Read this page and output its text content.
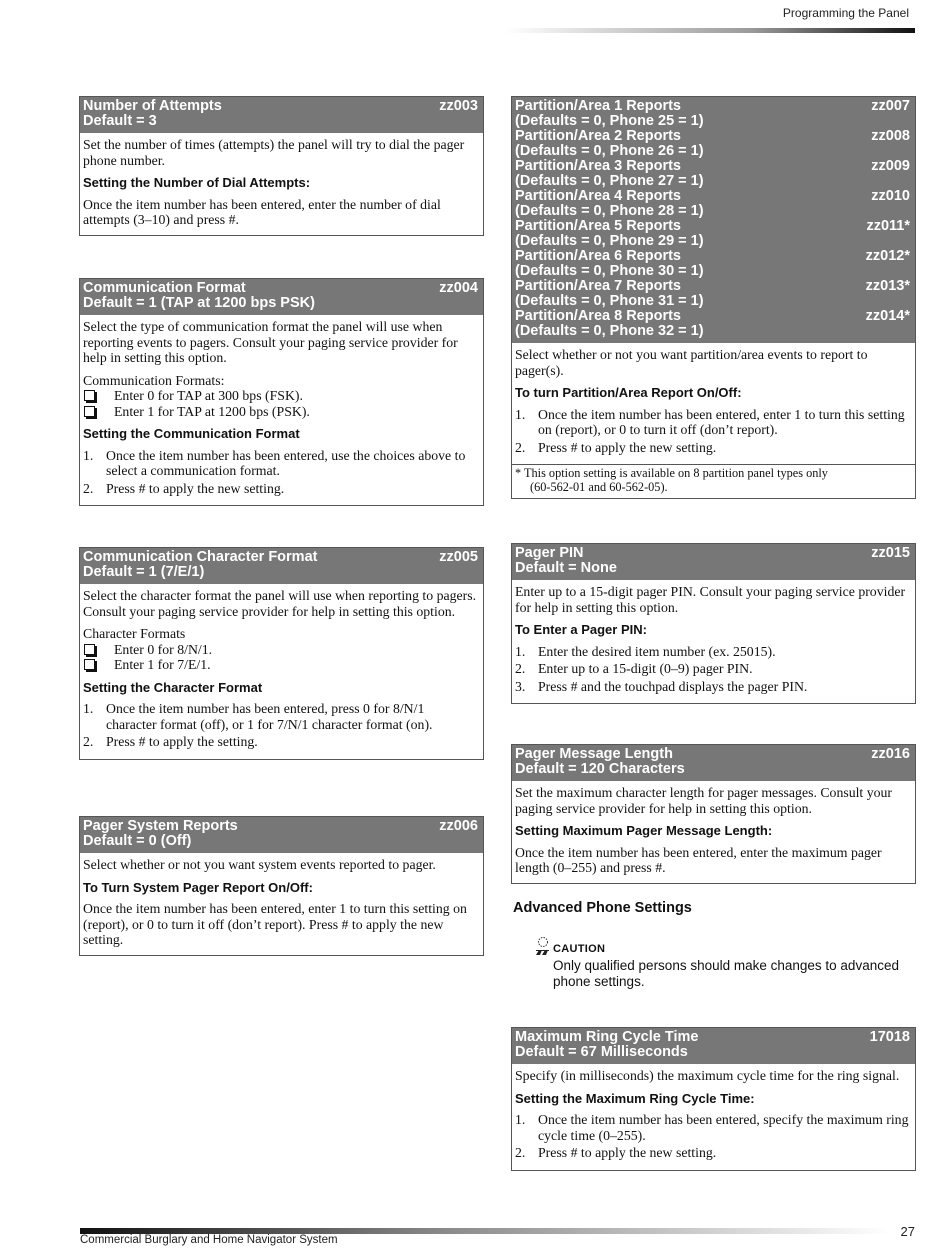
Programming the Panel
Number of Attempts	zz003
Default = 3

Set the number of times (attempts) the panel will try to dial the pager phone number.

Setting the Number of Dial Attempts:

Once the item number has been entered, enter the number of dial attempts (3–10) and press #.

Communication Format	zz004
Default = 1 (TAP at 1200 bps PSK)

Select the type of communication format the panel will use when reporting events to pagers. Consult your paging service provider for help in setting this option.

Communication Formats:
Enter 0 for TAP at 300 bps (FSK).
Enter 1 for TAP at 1200 bps (PSK).
Setting the Communication Format
1. Once the item number has been entered, use the choices above to select a communication format.
2. Press # to apply the new setting.
Communication Character Format	zz005
Default = 1 (7/E/1)

Select the character format the panel will use when reporting to pagers. Consult your paging service provider for help in setting this option.

Character Formats
Enter 0 for 8/N/1.
Enter 1 for 7/E/1.
Setting the Character Format
1. Once the item number has been entered, press 0 for 8/N/1 character format (off), or 1 for 7/N/1 character format (on).
2. Press # to apply the setting.
Pager System Reports	zz006
Default = 0 (Off)

Select whether or not you want system events reported to pager.

To Turn System Pager Report On/Off:

Once the item number has been entered, enter 1 to turn this setting on (report), or 0 to turn it off (don’t report). Press # to apply the new setting.

Partition/Area 1 Reports	zz007
(Defaults = 0, Phone 25 = 1)
Partition/Area 2 Reports	zz008
(Defaults = 0, Phone 26 = 1)
Partition/Area 3 Reports	zz009
(Defaults = 0, Phone 27 = 1)
Partition/Area 4 Reports	zz010
(Defaults = 0, Phone 28 = 1)
Partition/Area 5 Reports	zz011*
(Defaults = 0, Phone 29 = 1)
Partition/Area 6 Reports	zz012*
(Defaults = 0, Phone 30 = 1)
Partition/Area 7 Reports	zz013*
(Defaults = 0, Phone 31 = 1)
Partition/Area 8 Reports	zz014*
(Defaults = 0, Phone 32 = 1)

Select whether or not you want partition/area events to report to pager(s).

To turn Partition/Area Report On/Off:
1. Once the item number has been entered, enter 1 to turn this setting on (report), or 0 to turn it off (don’t report).
2. Press # to apply the new setting.
* This option setting is available on 8 partition panel types only
(60-562-01 and 60-562-05).
Pager PIN	zz015
Default = None

Enter up to a 15-digit pager PIN. Consult your paging service provider for help in setting this option.

To Enter a Pager PIN:
1. Enter the desired item number (ex. 25015).
2. Enter up to a 15-digit (0–9) pager PIN.
3. Press # and the touchpad displays the pager PIN.
Pager Message Length	zz016
Default = 120 Characters

Set the maximum character length for pager messages. Consult your paging service provider for help in setting this option.

Setting Maximum Pager Message Length:

Once the item number has been entered, enter the maximum pager length (0–255) and press #.

Advanced Phone Settings
CAUTION
Only qualified persons should make changes to advanced phone settings.
Maximum Ring Cycle Time	17018
Default = 67 Milliseconds

Specify (in milliseconds) the maximum cycle time for the ring signal.

Setting the Maximum Ring Cycle Time:
1. Once the item number has been entered, specify the maximum ring cycle time (0–255).
2. Press # to apply the new setting.
Commercial Burglary and Home Navigator System
27
